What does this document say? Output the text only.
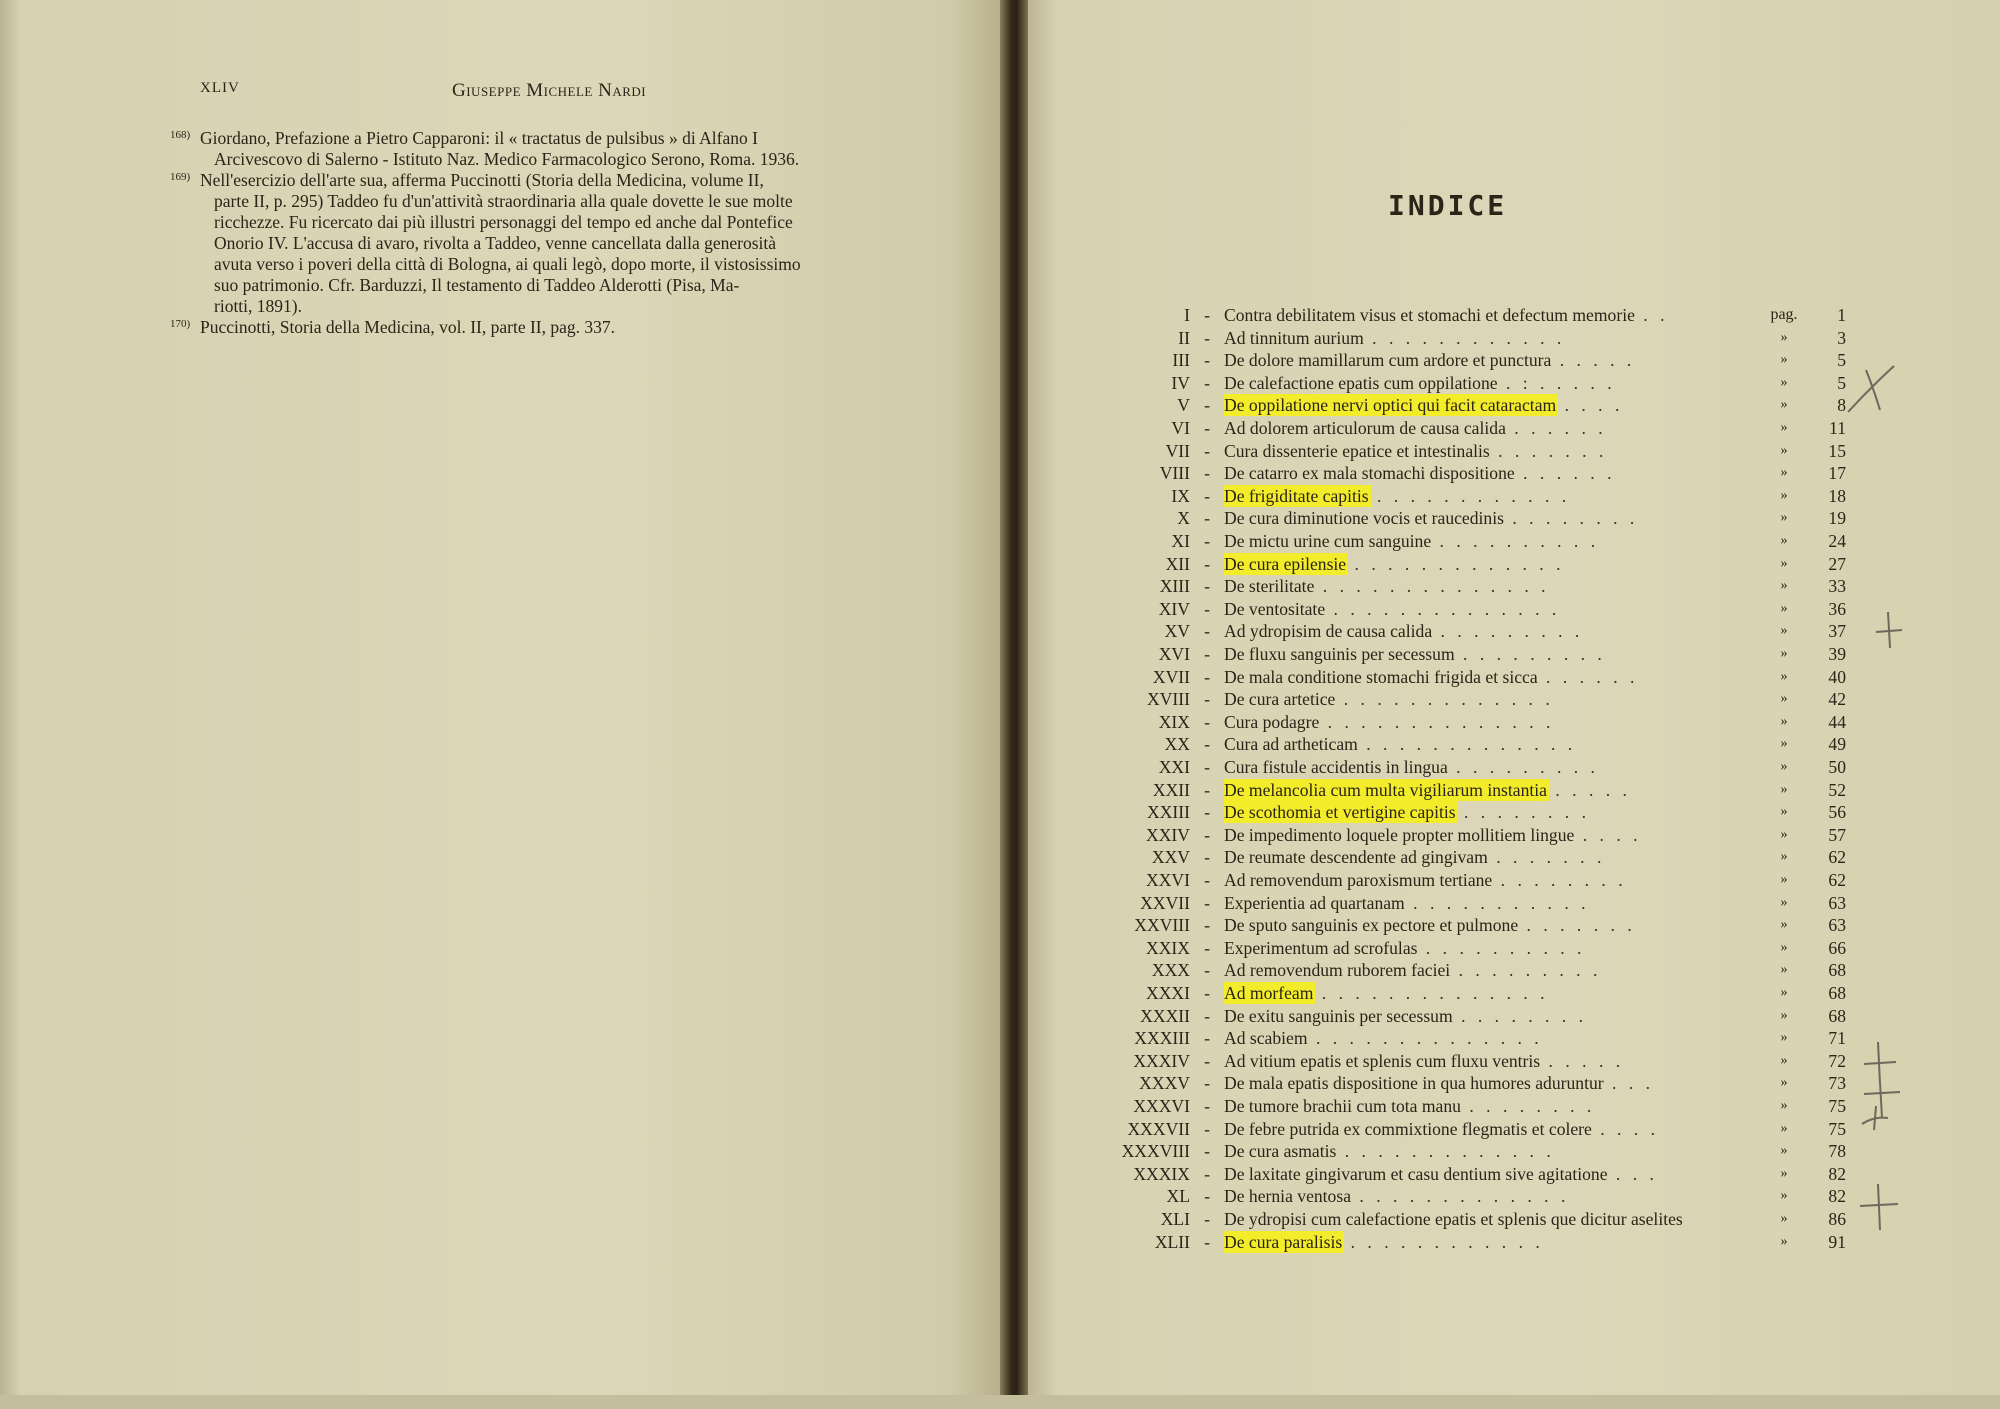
XLIV	Giuseppe Michele Nardi
168) Giordano, Prefazione a Pietro Capparoni: il « tractatus de pulsibus » di Alfano I
Arcivescovo di Salerno - Istituto Naz. Medico Farmacologico Serono, Roma. 1936.
169) Nell'esercizio dell'arte sua, afferma Puccinotti (Storia della Medicina, volume II,
parte II, p. 295) Taddeo fu d'un'attività straordinaria alla quale dovette le sue molte
ricchezze. Fu ricercato dai più illustri personaggi del tempo ed anche dal Pontefice
Onorio IV. L'accusa di avaro, rivolta a Taddeo, venne cancellata dalla generosità
avuta verso i poveri della città di Bologna, ai quali legò, dopo morte, il vistosissimo
suo patrimonio. Cfr. Barduzzi, Il testamento di Taddeo Alderotti (Pisa, Ma-
riotti, 1891).
170) Puccinotti, Storia della Medicina, vol. II, parte II, pag. 337.
INDICE
I - Contra debilitatem visus et stomachi et defectum memorie . .	pag.	1
II - Ad tinnitum aurium . . . . . . . . . . . .	»	3
III - De dolore mamillarum cum ardore et punctura . . . . .	»	5
IV - De calefactione epatis cum oppilatione . : . . . . .	»	5
V - De oppilatione nervi optici qui facit cataractam . . . .	»	8
VI - Ad dolorem articulorum de causa calida . . . . . .	»	11
VII - Cura dissenterie epatice et intestinalis . . . . . . .	»	15
VIII - De catarro ex mala stomachi dispositione . . . . . .	»	17
IX - De frigiditate capitis . . . . . . . . . . . .	»	18
X - De cura diminutione vocis et raucedinis . . . . . . . .	»	19
XI - De mictu urine cum sanguine . . . . . . . . . .	»	24
XII - De cura epilensie . . . . . . . . . . . . .	»	27
XIII - De sterilitate . . . . . . . . . . . . . .	»	33
XIV - De ventositate . . . . . . . . . . . . . .	»	36
XV - Ad ydropisim de causa calida . . . . . . . . .	»	37
XVI - De fluxu sanguinis per secessum . . . . . . . . .	»	39
XVII - De mala conditione stomachi frigida et sicca . . . . . .	»	40
XVIII - De cura artetice . . . . . . . . . . . . .	»	42
XIX - Cura podagre . . . . . . . . . . . . . .	»	44
XX - Cura ad artheticam . . . . . . . . . . . . .	»	49
XXI - Cura fistule accidentis in lingua . . . . . . . . .	»	50
XXII - De melancolia cum multa vigiliarum instantia . . . . .	»	52
XXIII - De scothomia et vertigine capitis . . . . . . . .	»	56
XXIV - De impedimento loquele propter mollitiem lingue . . . .	»	57
XXV - De reumate descendente ad gingivam . . . . . . .	»	62
XXVI - Ad removendum paroxismum tertiane . . . . . . . .	»	62
XXVII - Experientia ad quartanam . . . . . . . . . . .	»	63
XXVIII - De sputo sanguinis ex pectore et pulmone . . . . . . .	»	63
XXIX - Experimentum ad scrofulas . . . . . . . . . .	»	66
XXX - Ad removendum ruborem faciei . . . . . . . . .	»	68
XXXI - Ad morfeam . . . . . . . . . . . . . .	»	68
XXXII - De exitu sanguinis per secessum . . . . . . . .	»	68
XXXIII - Ad scabiem . . . . . . . . . . . . . .	»	71
XXXIV - Ad vitium epatis et splenis cum fluxu ventris . . . . .	»	72
XXXV - De mala epatis dispositione in qua humores aduruntur . . .	»	73
XXXVI - De tumore brachii cum tota manu . . . . . . . .	»	75
XXXVII - De febre putrida ex commixtione flegmatis et colere . . . .	»	75
XXXVIII - De cura asmatis . . . . . . . . . . . . .	»	78
XXXIX - De laxitate gingivarum et casu dentium sive agitatione . . .	»	82
XL - De hernia ventosa . . . . . . . . . . . . .	»	82
XLI - De ydropisi cum calefactione epatis et splenis que dicitur aselites	»	86
XLII - De cura paralisis . . . . . . . . . . . .	»	91
